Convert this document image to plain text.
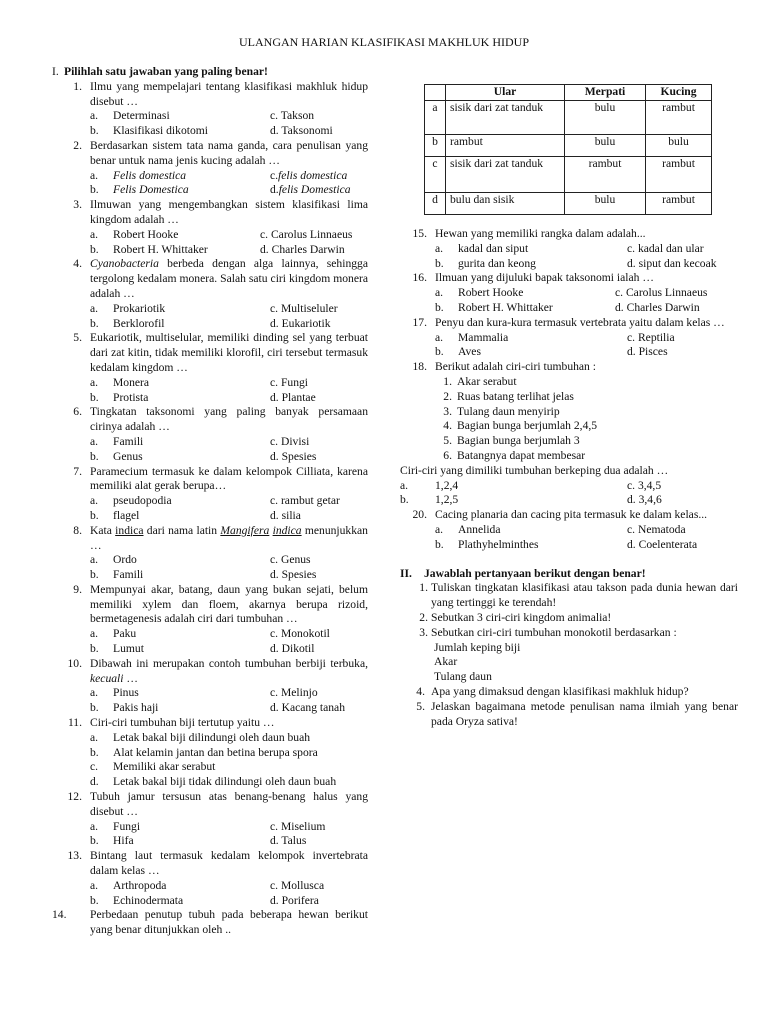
ULANGAN HARIAN KLASIFIKASI MAKHLUK HIDUP
I. Pilihlah satu jawaban yang paling benar!
1. Ilmu yang mempelajari tentang klasifikasi makhluk hidup disebut …
a.	Determinasi	c. Takson
b.	Klasifikasi dikotomi	d. Taksonomi
2. Berdasarkan sistem tata nama ganda, cara penulisan yang benar untuk nama jenis kucing adalah …
a.	Felis domestica	c. felis domestica
b.	Felis Domestica	d. felis Domestica
3. Ilmuwan yang mengembangkan sistem klasifikasi lima kingdom adalah …
a.	Robert Hooke	c. Carolus Linnaeus
b.	Robert H. Whittaker	d. Charles Darwin
4. Cyanobacteria berbeda dengan alga lainnya, sehingga tergolong kedalam monera. Salah satu ciri kingdom monera adalah …
a.	Prokariotik	c. Multiseluler
b.	Berklorofil	d. Eukariotik
5. Eukariotik, multiselular, memiliki dinding sel yang terbuat dari zat kitin, tidak memiliki klorofil, ciri tersebut termasuk kedalam kingdom …
a.	Monera	c. Fungi
b.	Protista	d. Plantae
6. Tingkatan taksonomi yang paling banyak persamaan cirinya adalah …
a.	Famili	c. Divisi
b.	Genus	d. Spesies
7. Paramecium termasuk ke dalam kelompok Cilliata, karena memiliki alat gerak berupa…
a.	pseudopodia	c. rambut getar
b.	flagel	d. silia
8. Kata indica dari nama latin Mangifera indica menunjukkan …
a.	Ordo	c. Genus
b.	Famili	d. Spesies
9. Mempunyai akar, batang, daun yang bukan sejati, belum memiliki xylem dan floem, akarnya berupa rizoid, bermetagenesis adalah ciri dari tumbuhan …
a.	Paku	c. Monokotil
b.	Lumut	d. Dikotil
10. Dibawah ini merupakan contoh tumbuhan berbiji terbuka, kecuali …
a.	Pinus	c. Melinjo
b.	Pakis haji	d. Kacang tanah
11. Ciri-ciri tumbuhan biji tertutup yaitu …
a.	Letak bakal biji dilindungi oleh daun buah
b.	Alat kelamin jantan dan betina berupa spora
c.	Memiliki akar serabut
d.	Letak bakal biji tidak dilindungi oleh daun buah
12. Tubuh jamur tersusun atas benang-benang halus yang disebut …
a.	Fungi	c. Miselium
b.	Hifa	d. Talus
13. Bintang laut termasuk kedalam kelompok invertebrata dalam kelas …
a.	Arthropoda	c. Mollusca
b.	Echinodermata	d. Porifera
14.	Perbedaan penutup tubuh pada beberapa hewan berikut yang benar ditunjukkan oleh ..
	Ular	Merpati	Kucing
a	sisik dari zat tanduk	bulu	rambut
b	rambut	bulu	bulu
c	sisik dari zat tanduk	rambut	rambut
d	bulu dan sisik	bulu	rambut
15. Hewan yang memiliki rangka dalam adalah...
a.	kadal dan siput	c. kadal dan ular
b.	gurita dan keong	d. siput dan kecoak
16. Ilmuan yang dijuluki bapak taksonomi ialah …
a.	Robert Hooke	c. Carolus Linnaeus
b.	Robert H. Whittaker	d. Charles Darwin
17. Penyu dan kura-kura termasuk vertebrata yaitu dalam kelas …
a.	Mammalia	c. Reptilia
b.	Aves	d. Pisces
18. Berikut adalah ciri-ciri tumbuhan :
1. Akar serabut
2. Ruas batang terlihat jelas
3. Tulang daun menyirip
4. Bagian bunga berjumlah 2,4,5
5. Bagian bunga berjumlah 3
6. Batangnya dapat membesar
Ciri-ciri yang dimiliki tumbuhan berkeping dua adalah …
a.	1,2,4	c. 3,4,5
b.	1,2,5	d. 3,4,6
20. Cacing planaria dan cacing pita termasuk ke dalam kelas...
a.	Annelida	c. Nematoda
b.	Plathyhelminthes	d. Coelenterata
II.	Jawablah pertanyaan berikut dengan benar!
1. Tuliskan tingkatan klasifikasi atau takson pada dunia hewan dari yang tertinggi ke terendah!
2. Sebutkan 3 ciri-ciri kingdom animalia!
3. Sebutkan ciri-ciri tumbuhan monokotil berdasarkan :
Jumlah keping biji
Akar
Tulang daun
4. Apa yang dimaksud dengan klasifikasi makhluk hidup?
5. Jelaskan bagaimana metode penulisan nama ilmiah yang benar pada Oryza sativa!
